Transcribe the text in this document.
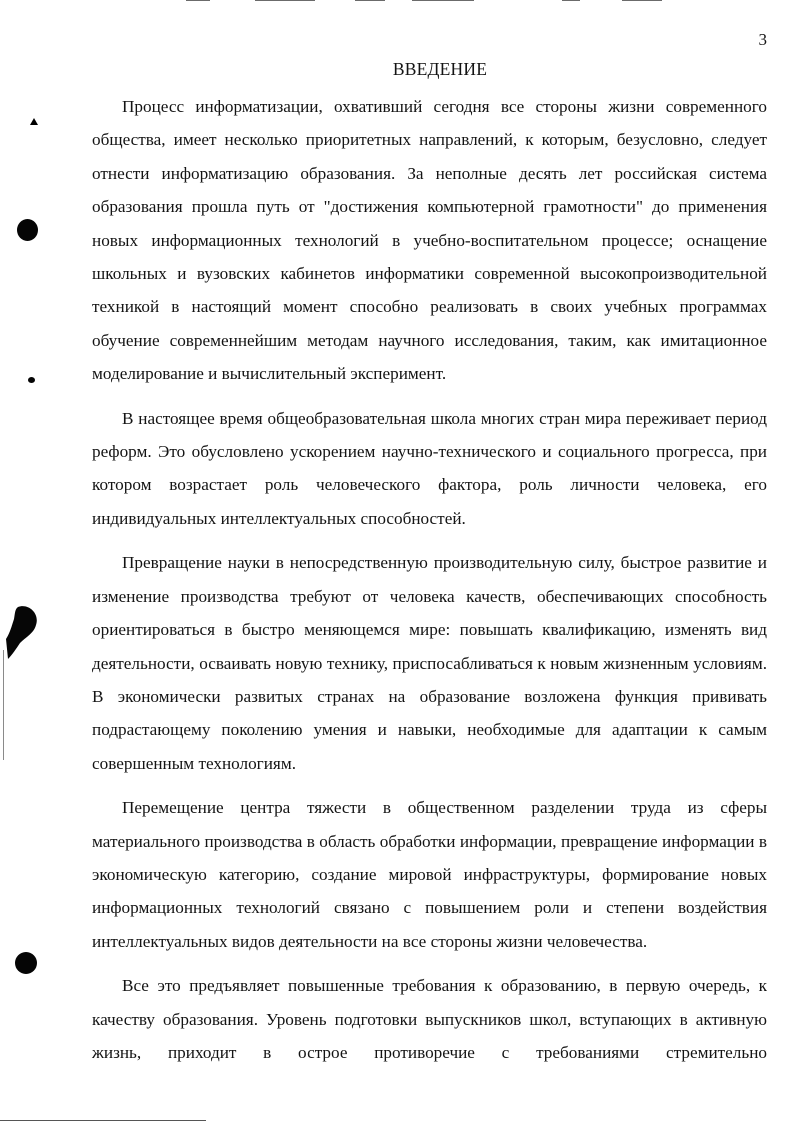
3
ВВЕДЕНИЕ

Процесс информатизации, охвативший сегодня все стороны жизни современного общества, имеет несколько приоритетных направлений, к которым, безусловно, следует отнести информатизацию образования. За неполные десять лет российская система образования прошла путь от "достижения компьютерной грамотности" до применения новых информационных технологий в учебно-воспитательном процессе; оснащение школьных и вузовских кабинетов информатики современной высокопроизводительной техникой в настоящий момент способно реализовать в своих учебных программах обучение современнейшим методам научного исследования, таким, как имитационное моделирование и вычислительный эксперимент.

В настоящее время общеобразовательная школа многих стран мира переживает период реформ. Это обусловлено ускорением научно-технического и социального прогресса, при котором возрастает роль человеческого фактора, роль личности человека, его индивидуальных интеллектуальных способностей.

Превращение науки в непосредственную производительную силу, быстрое развитие и изменение производства требуют от человека качеств, обеспечивающих способность ориентироваться в быстро меняющемся мире: повышать квалификацию, изменять вид деятельности, осваивать новую технику, приспосабливаться к новым жизненным условиям. В экономически развитых странах на образование возложена функция прививать подрастающему поколению умения и навыки, необходимые для адаптации к самым совершенным технологиям.

Перемещение центра тяжести в общественном разделении труда из сферы материального производства в область обработки информации, превращение информации в экономическую категорию, создание мировой инфраструктуры, формирование новых информационных технологий связано с повышением роли и степени воздействия интеллектуальных видов деятельности на все стороны жизни человечества.

Все это предъявляет повышенные требования к образованию, в первую очередь, к качеству образования. Уровень подготовки выпускников школ, вступающих в активную жизнь, приходит в острое противоречие с требованиями стремительно
